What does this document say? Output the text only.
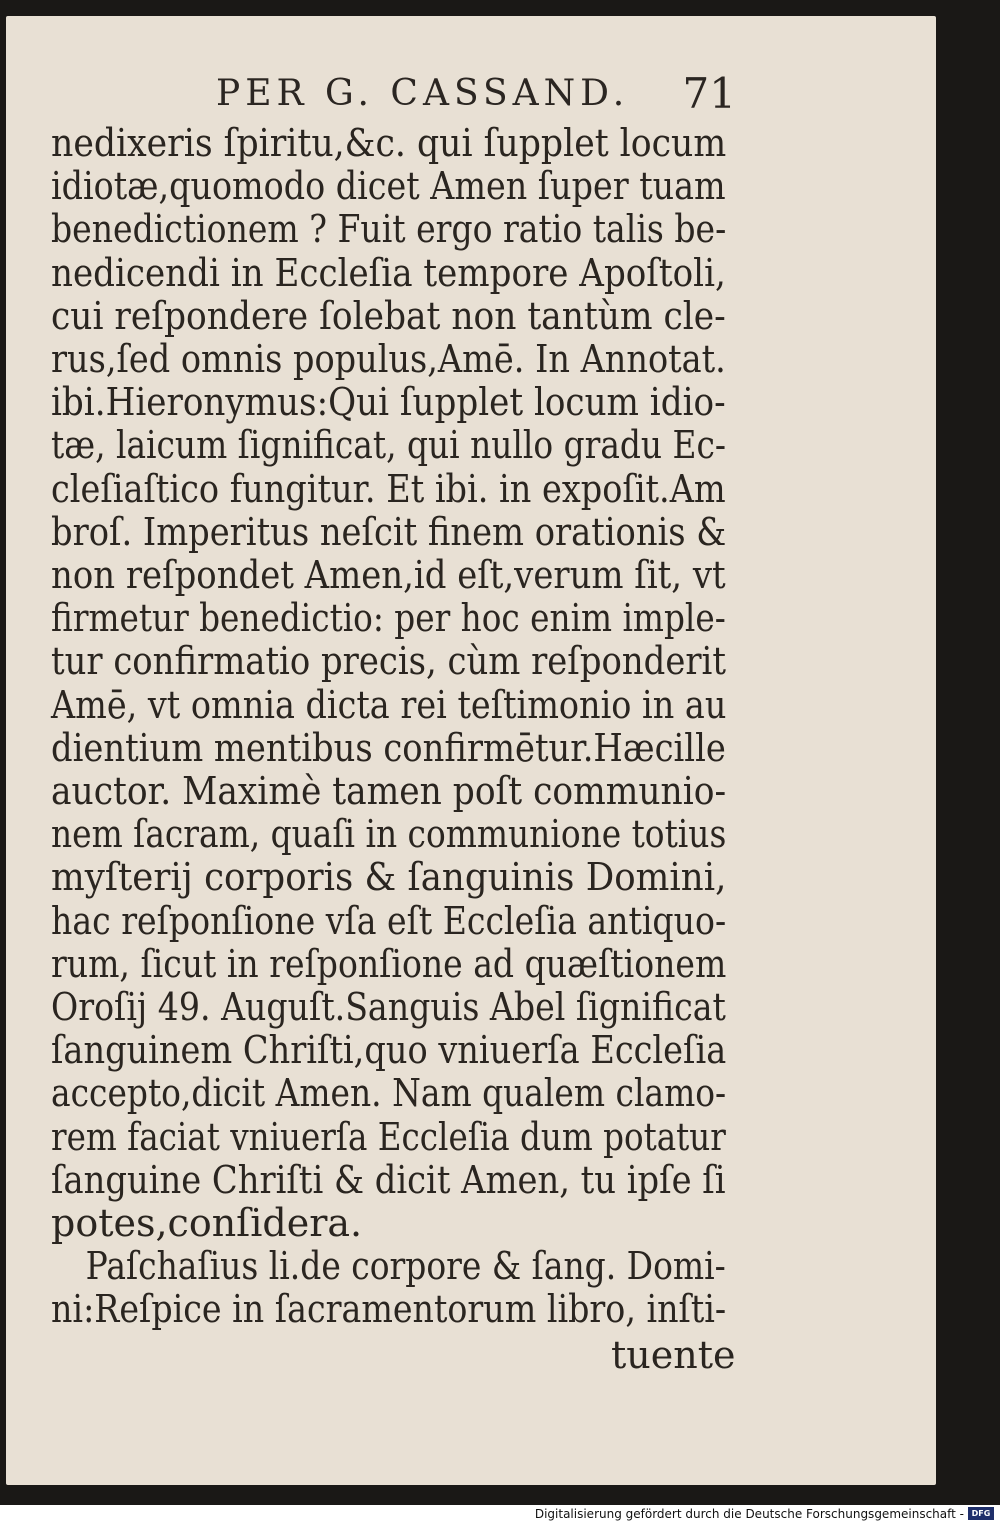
PER G. CASSAND. 71
nedixeris ſpiritu,&c. qui ſupplet locum
idiotæ,quomodo dicet Amen ſuper tuam
benedictionem ? Fuit ergo ratio talis be-
nedicendi in Eccleſia tempore Apoſtoli,
cui reſpondere ſolebat non tantùm cle-
rus,ſed omnis populus,Amē. In Annotat.
ibi.Hieronymus:Qui ſupplet locum idio-
tæ, laicum ſignificat, qui nullo gradu Ec-
cleſiaſtico fungitur. Et ibi. in expoſit.Am
broſ. Imperitus neſcit finem orationis &
non reſpondet Amen,id eſt,verum ſit, vt
firmetur benedictio: per hoc enim imple-
tur confirmatio precis, cùm reſponderit
Amē, vt omnia dicta rei teſtimonio in au
dientium mentibus confirmētur.Hæcille
auctor. Maximè tamen poſt communio-
nem ſacram, quaſi in communione totius
myſterij corporis & ſanguinis Domini,
hac reſponſione vſa eſt Eccleſia antiquo-
rum, ſicut in reſponſione ad quæſtionem
Oroſij 49. Auguſt.Sanguis Abel ſignificat
ſanguinem Chriſti,quo vniuerſa Eccleſia
accepto,dicit Amen. Nam qualem clamo-
rem faciat vniuerſa Eccleſia dum potatur
ſanguine Chriſti & dicit Amen, tu ipſe ſi
potes,conſidera.
Paſchaſius li.de corpore & ſang. Domi-
ni:Reſpice in ſacramentorum libro, inſti-
tuente
Digitalisierung gefördert durch die Deutsche Forschungsgemeinschaft - DFG
